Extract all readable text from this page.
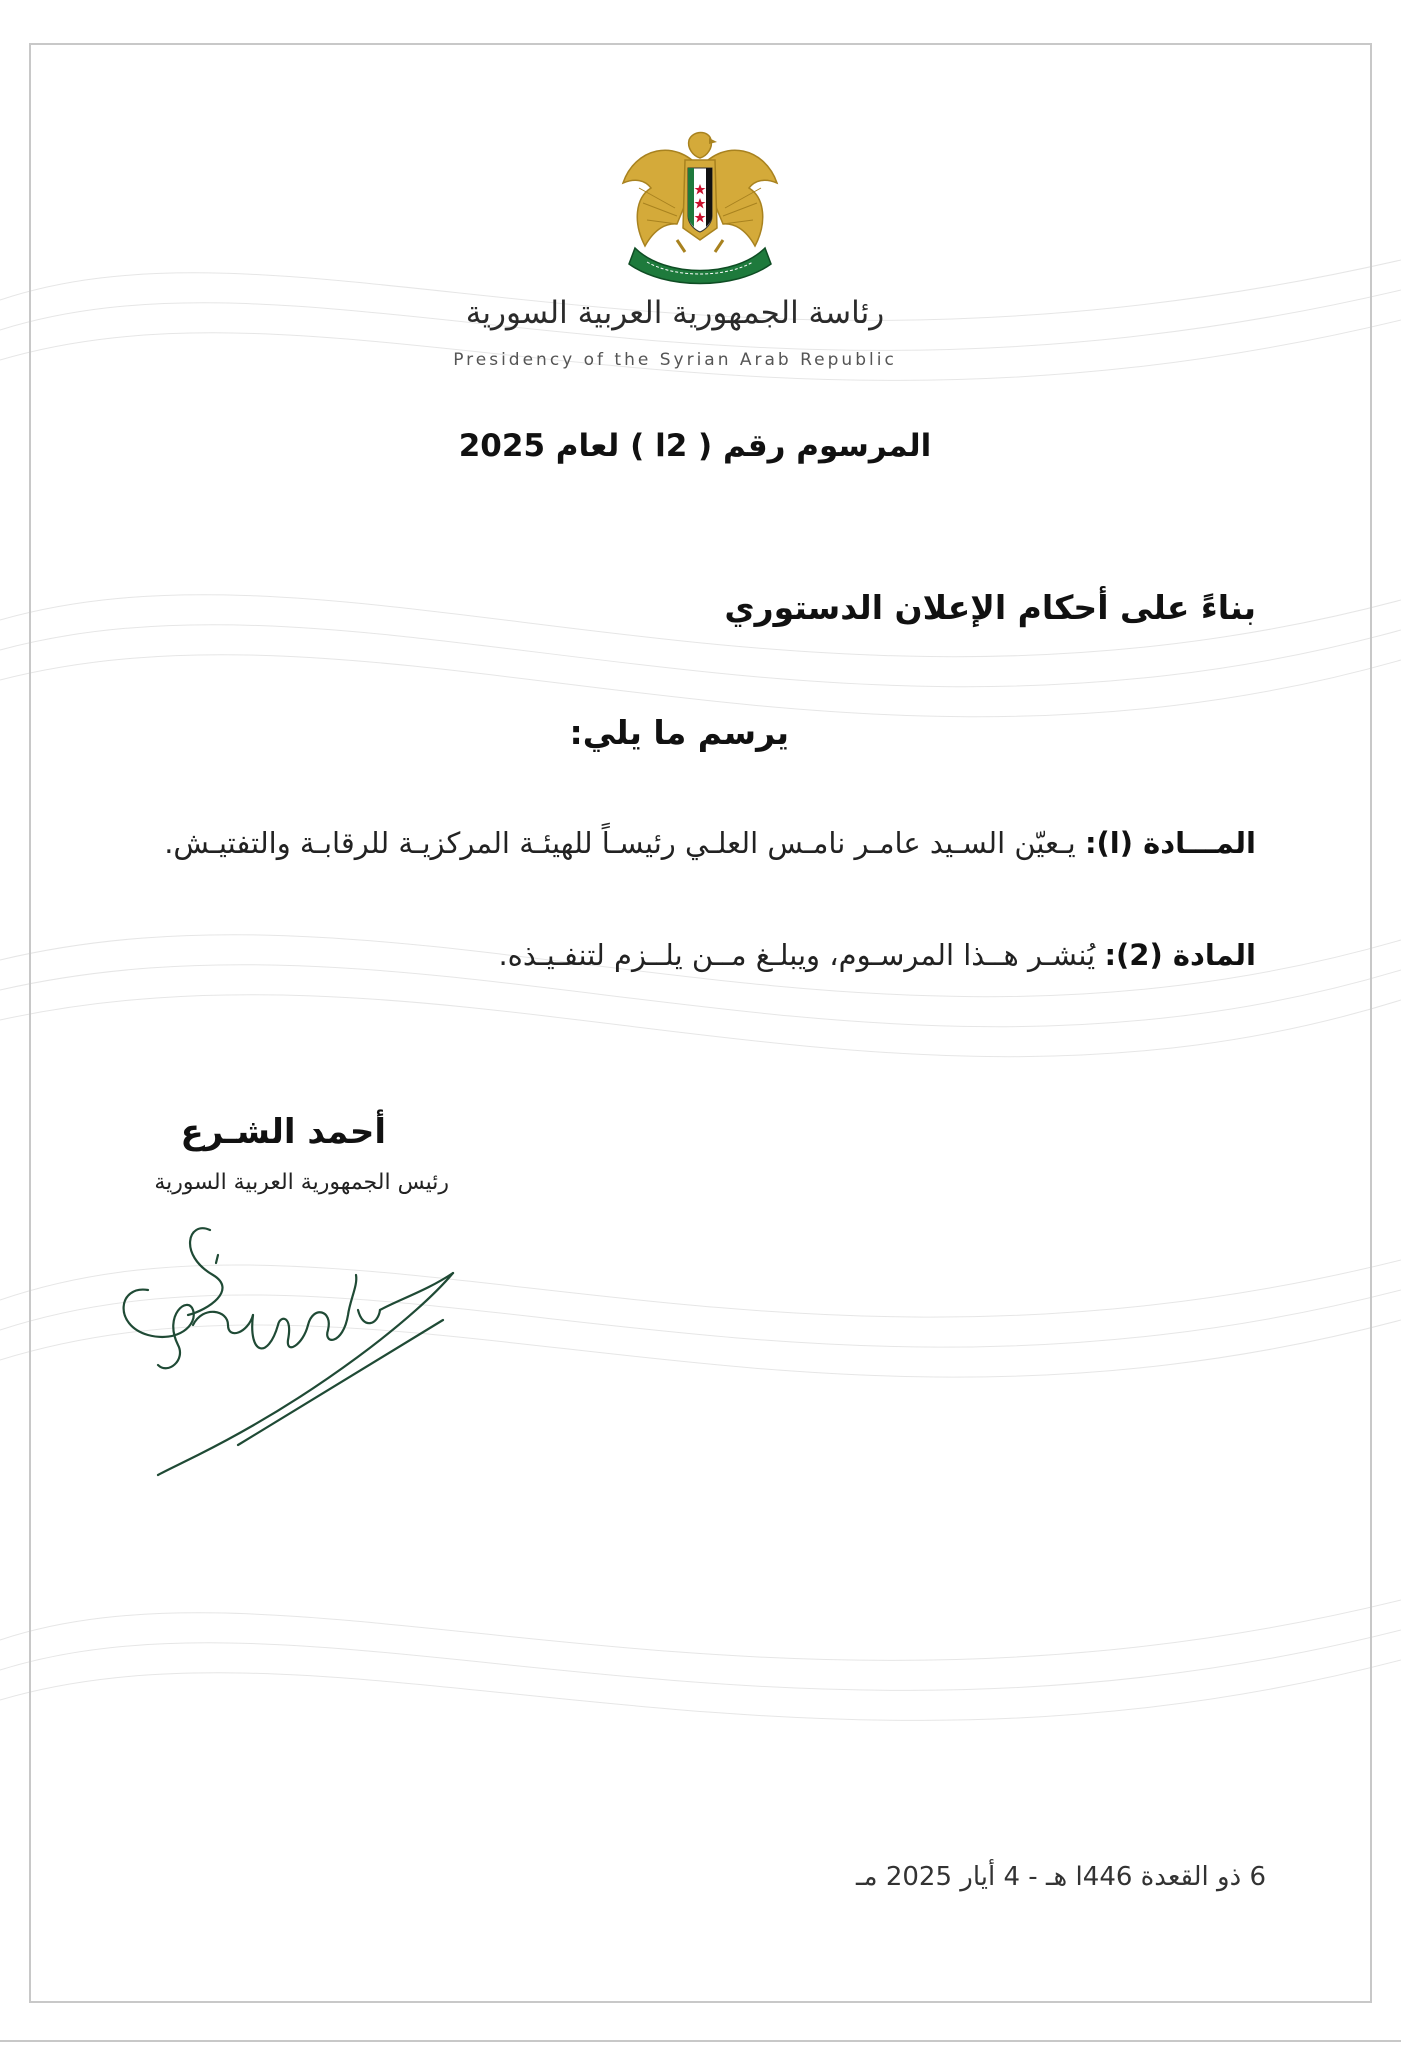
رئاسة الجمهورية العربية السورية
Presidency of the Syrian Arab Republic
المرسوم رقم ( l2 ) لعام 2025
بناءً على أحكام الإعلان الدستوري
يرسم ما يلي:
المـــادة (ا): يـعيّن السـيد عامـر نامـس العلـي رئيسـاً للهيئـة المركزيـة للرقابـة والتفتيـش.
المادة (2): يُنشـر هــذا المرسـوم، ويبلـغ مــن يلــزم لتنفـيـذه.
أحمد الشـرع
رئيس الجمهورية العربية السورية
6 ذو القعدة l446 هـ - 4 أيار 2025 مـ
